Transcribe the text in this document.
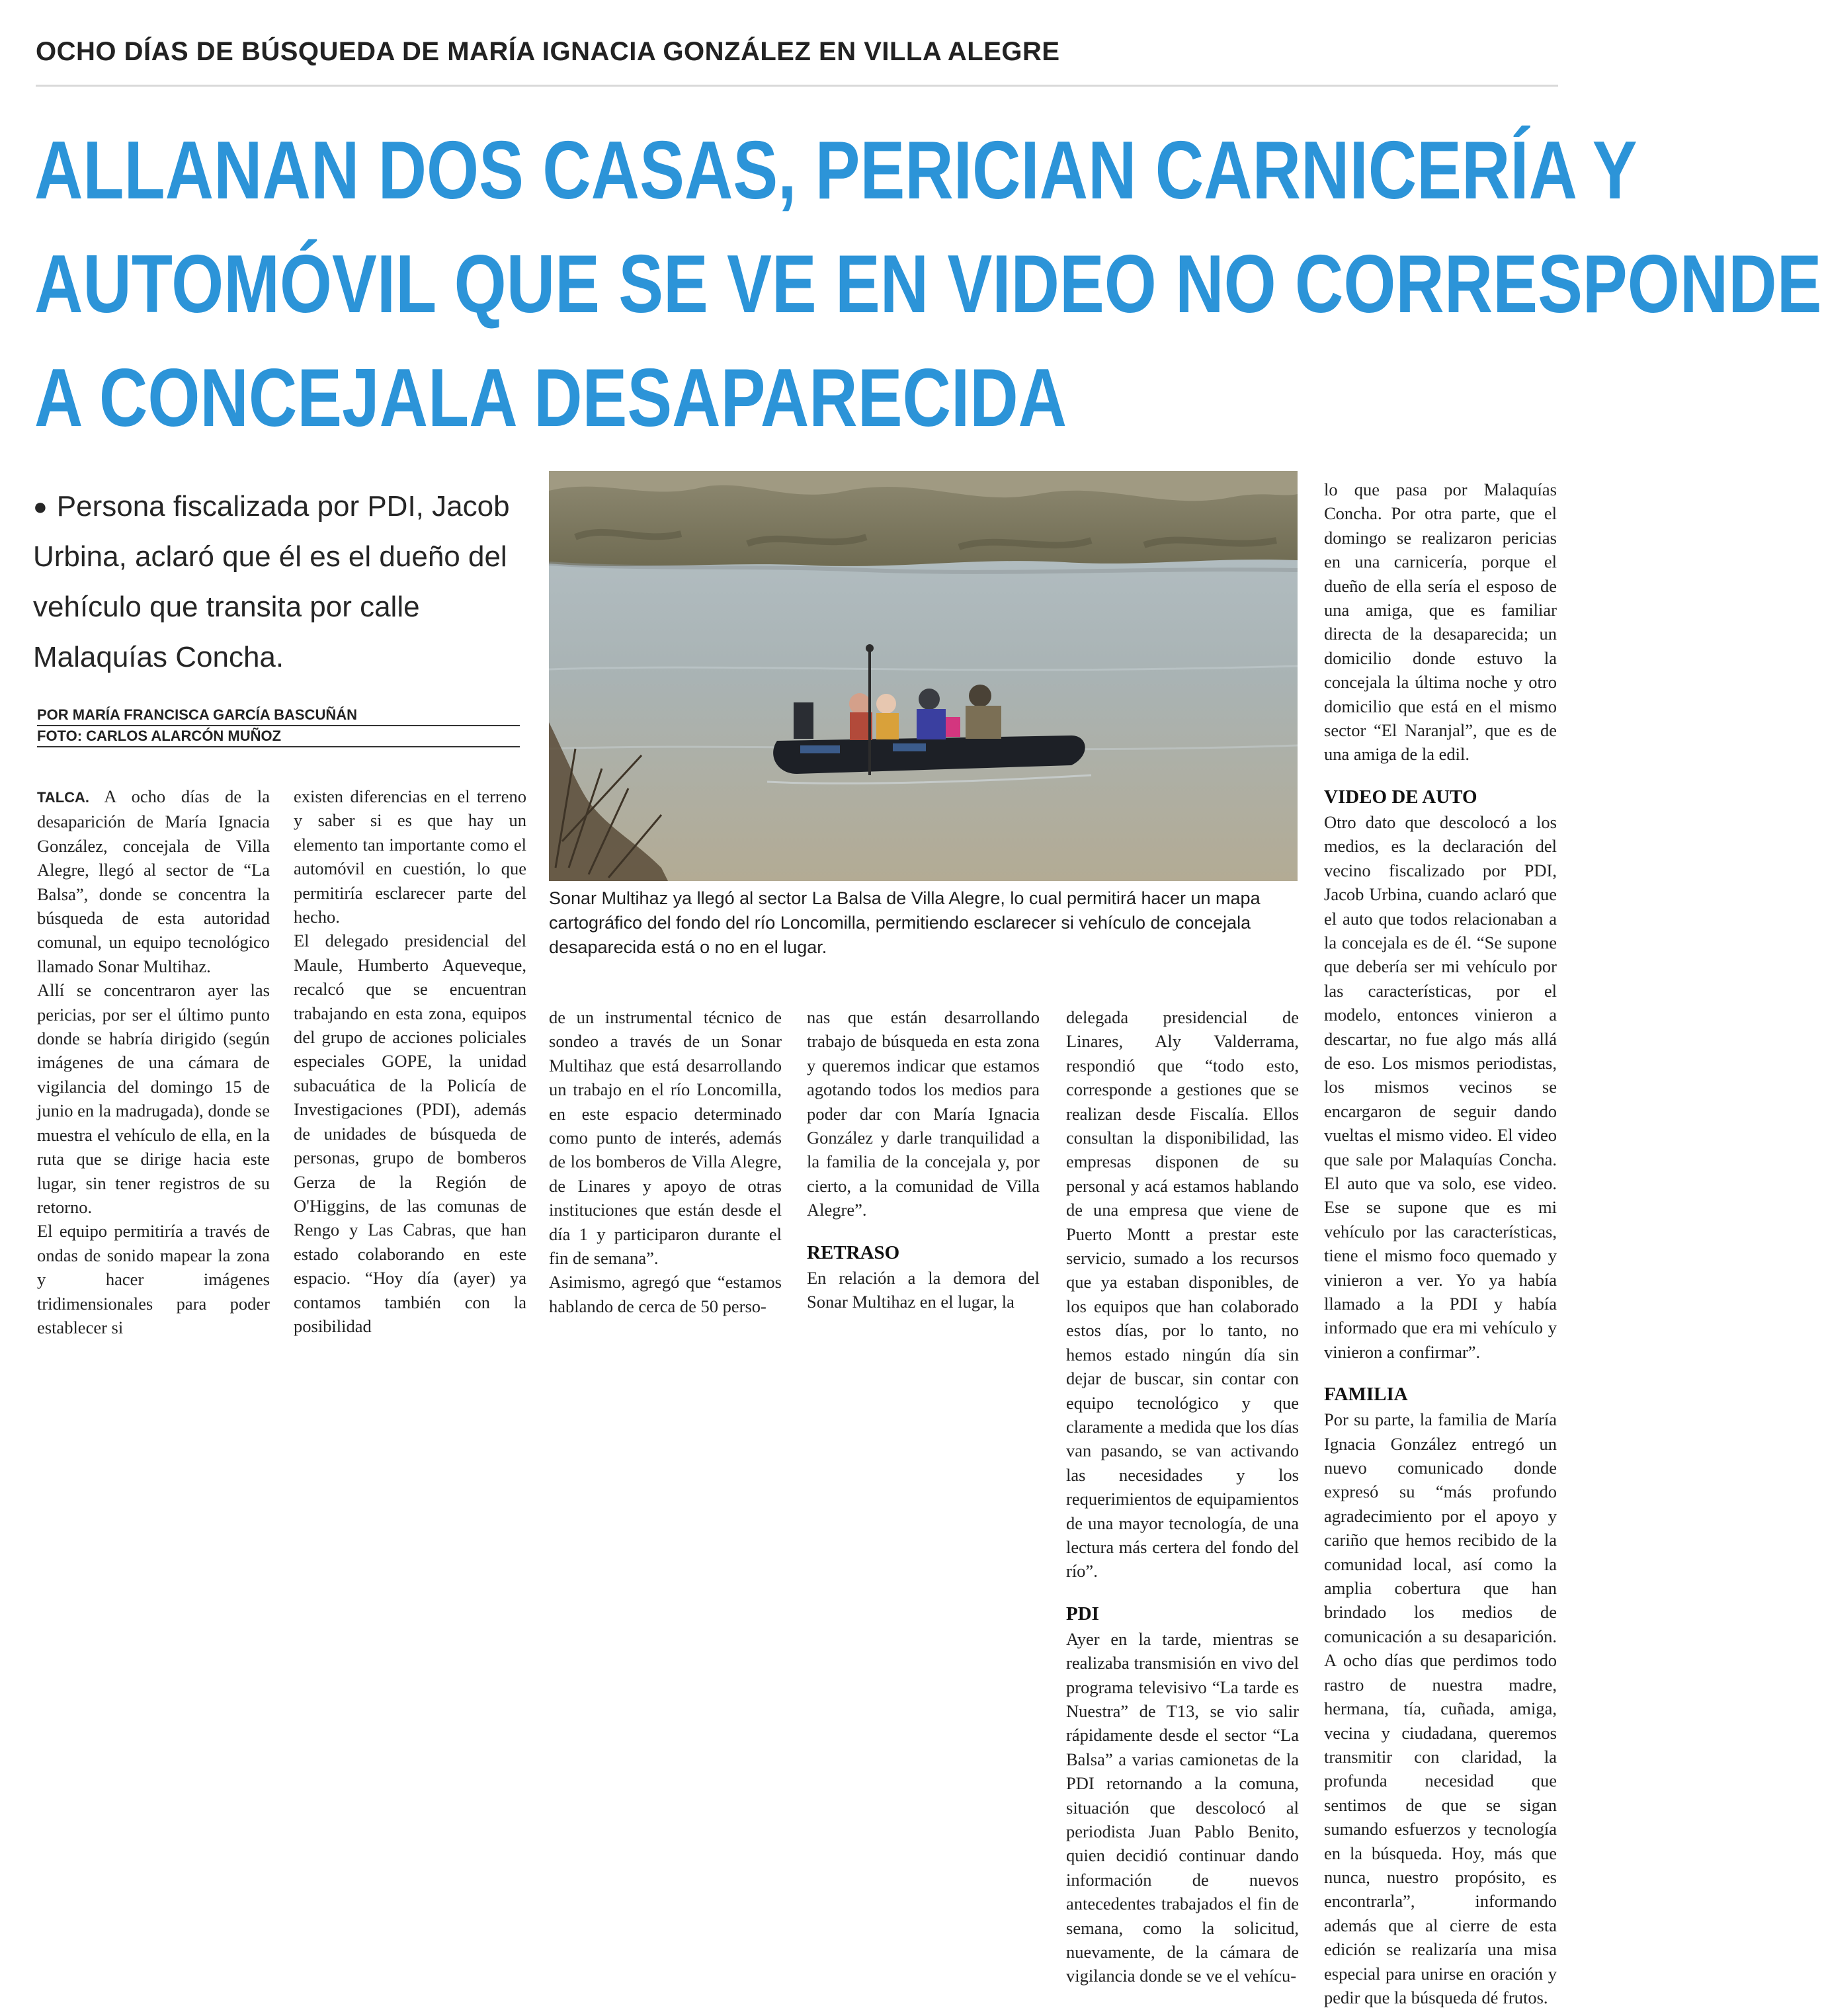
OCHO DÍAS DE BÚSQUEDA DE MARÍA IGNACIA GONZÁLEZ EN VILLA ALEGRE
ALLANAN DOS CASAS, PERICIAN CARNICERÍA Y
AUTOMÓVIL QUE SE VE EN VIDEO NO CORRESPONDE
A CONCEJALA DESAPARECIDA
● Persona fiscalizada por PDI, Jacob Urbina, aclaró que él es el dueño del vehículo que transita por calle Malaquías Concha.
POR MARÍA FRANCISCA GARCÍA BASCUÑÁN
FOTO: CARLOS ALARCÓN MUÑOZ
Sonar Multihaz ya llegó al sector La Balsa de Villa Alegre, lo cual permitirá hacer un mapa cartográfico del fondo del río Loncomilla, permitiendo esclarecer si vehículo de concejala desaparecida está o no en el lugar.

TALCA. A ocho días de la desaparición de María Ignacia González, concejala de Villa Alegre, llegó al sector de “La Balsa”, donde se concentra la búsqueda de esta autoridad comunal, un equipo tecnológico llamado Sonar Multihaz.

Allí se concentraron ayer las pericias, por ser el último punto donde se habría dirigido (según imágenes de una cámara de vigilancia del domingo 15 de junio en la madrugada), donde se muestra el vehículo de ella, en la ruta que se dirige hacia este lugar, sin tener registros de su retorno.

El equipo permitiría a través de ondas de sonido mapear la zona y hacer imágenes tridimensionales para poder establecer si

existen diferencias en el terreno y saber si es que hay un elemento tan importante como el automóvil en cuestión, lo que permitiría esclarecer parte del hecho.

El delegado presidencial del Maule, Humberto Aqueveque, recalcó que se encuentran trabajando en esta zona, equipos del grupo de acciones policiales especiales GOPE, la unidad subacuática de la Policía de Investigaciones (PDI), además de unidades de búsqueda de personas, grupo de bomberos Gerza de la Región de O'Higgins, de las comunas de Rengo y Las Cabras, que han estado colaborando en este espacio. “Hoy día (ayer) ya contamos también con la posibilidad

de un instrumental técnico de sondeo a través de un Sonar Multihaz que está desarrollando un trabajo en el río Loncomilla, en este espacio determinado como punto de interés, además de los bomberos de Villa Alegre, de Linares y apoyo de otras instituciones que están desde el día 1 y participaron durante el fin de semana”.

Asimismo, agregó que “estamos hablando de cerca de 50 perso-

nas que están desarrollando trabajo de búsqueda en esta zona y queremos indicar que estamos agotando todos los medios para poder dar con María Ignacia González y darle tranquilidad a la familia de la concejala y, por cierto, a la comunidad de Villa Alegre”.

RETRASO

En relación a la demora del Sonar Multihaz en el lugar, la

delegada presidencial de Linares, Aly Valderrama, respondió que “todo esto, corresponde a gestiones que se realizan desde Fiscalía. Ellos consultan la disponibilidad, las empresas disponen de su personal y acá estamos hablando de una empresa que viene de Puerto Montt a prestar este servicio, sumado a los recursos que ya estaban disponibles, de los equipos que han colaborado estos días, por lo tanto, no hemos estado ningún día sin dejar de buscar, sin contar con equipo tecnológico y que claramente a medida que los días van pasando, se van activando las necesidades y los requerimientos de equipamientos de una mayor tecnología, de una lectura más certera del fondo del río”.

PDI

Ayer en la tarde, mientras se realizaba transmisión en vivo del programa televisivo “La tarde es Nuestra” de T13, se vio salir rápidamente desde el sector “La Balsa” a varias camionetas de la PDI retornando a la comuna, situación que descolocó al periodista Juan Pablo Benito, quien decidió continuar dando información de nuevos antecedentes trabajados el fin de semana, como la solicitud, nuevamente, de la cámara de vigilancia donde se ve el vehícu-

lo que pasa por Malaquías Concha. Por otra parte, que el domingo se realizaron pericias en una carnicería, porque el dueño de ella sería el esposo de una amiga, que es familiar directa de la desaparecida; un domicilio donde estuvo la concejala la última noche y otro domicilio que está en el mismo sector “El Naranjal”, que es de una amiga de la edil.

VIDEO DE AUTO

Otro dato que descolocó a los medios, es la declaración del vecino fiscalizado por PDI, Jacob Urbina, cuando aclaró que el auto que todos relacionaban a la concejala es de él. “Se supone que debería ser mi vehículo por las características, por el modelo, entonces vinieron a descartar, no fue algo más allá de eso. Los mismos periodistas, los mismos vecinos se encargaron de seguir dando vueltas el mismo video. El video que sale por Malaquías Concha. El auto que va solo, ese video. Ese se supone que es mi vehículo por las características, tiene el mismo foco quemado y vinieron a ver. Yo ya había llamado a la PDI y había informado que era mi vehículo y vinieron a confirmar”.

FAMILIA

Por su parte, la familia de María Ignacia González entregó un nuevo comunicado donde expresó su “más profundo agradecimiento por el apoyo y cariño que hemos recibido de la comunidad local, así como la amplia cobertura que han brindado los medios de comunicación a su desaparición. A ocho días que perdimos todo rastro de nuestra madre, hermana, tía, cuñada, amiga, vecina y ciudadana, queremos transmitir con claridad, la profunda necesidad que sentimos de que se sigan sumando esfuerzos y tecnología en la búsqueda. Hoy, más que nunca, nuestro propósito, es encontrarla”, informando además que al cierre de esta edición se realizaría una misa especial para unirse en oración y pedir que la búsqueda dé frutos.
